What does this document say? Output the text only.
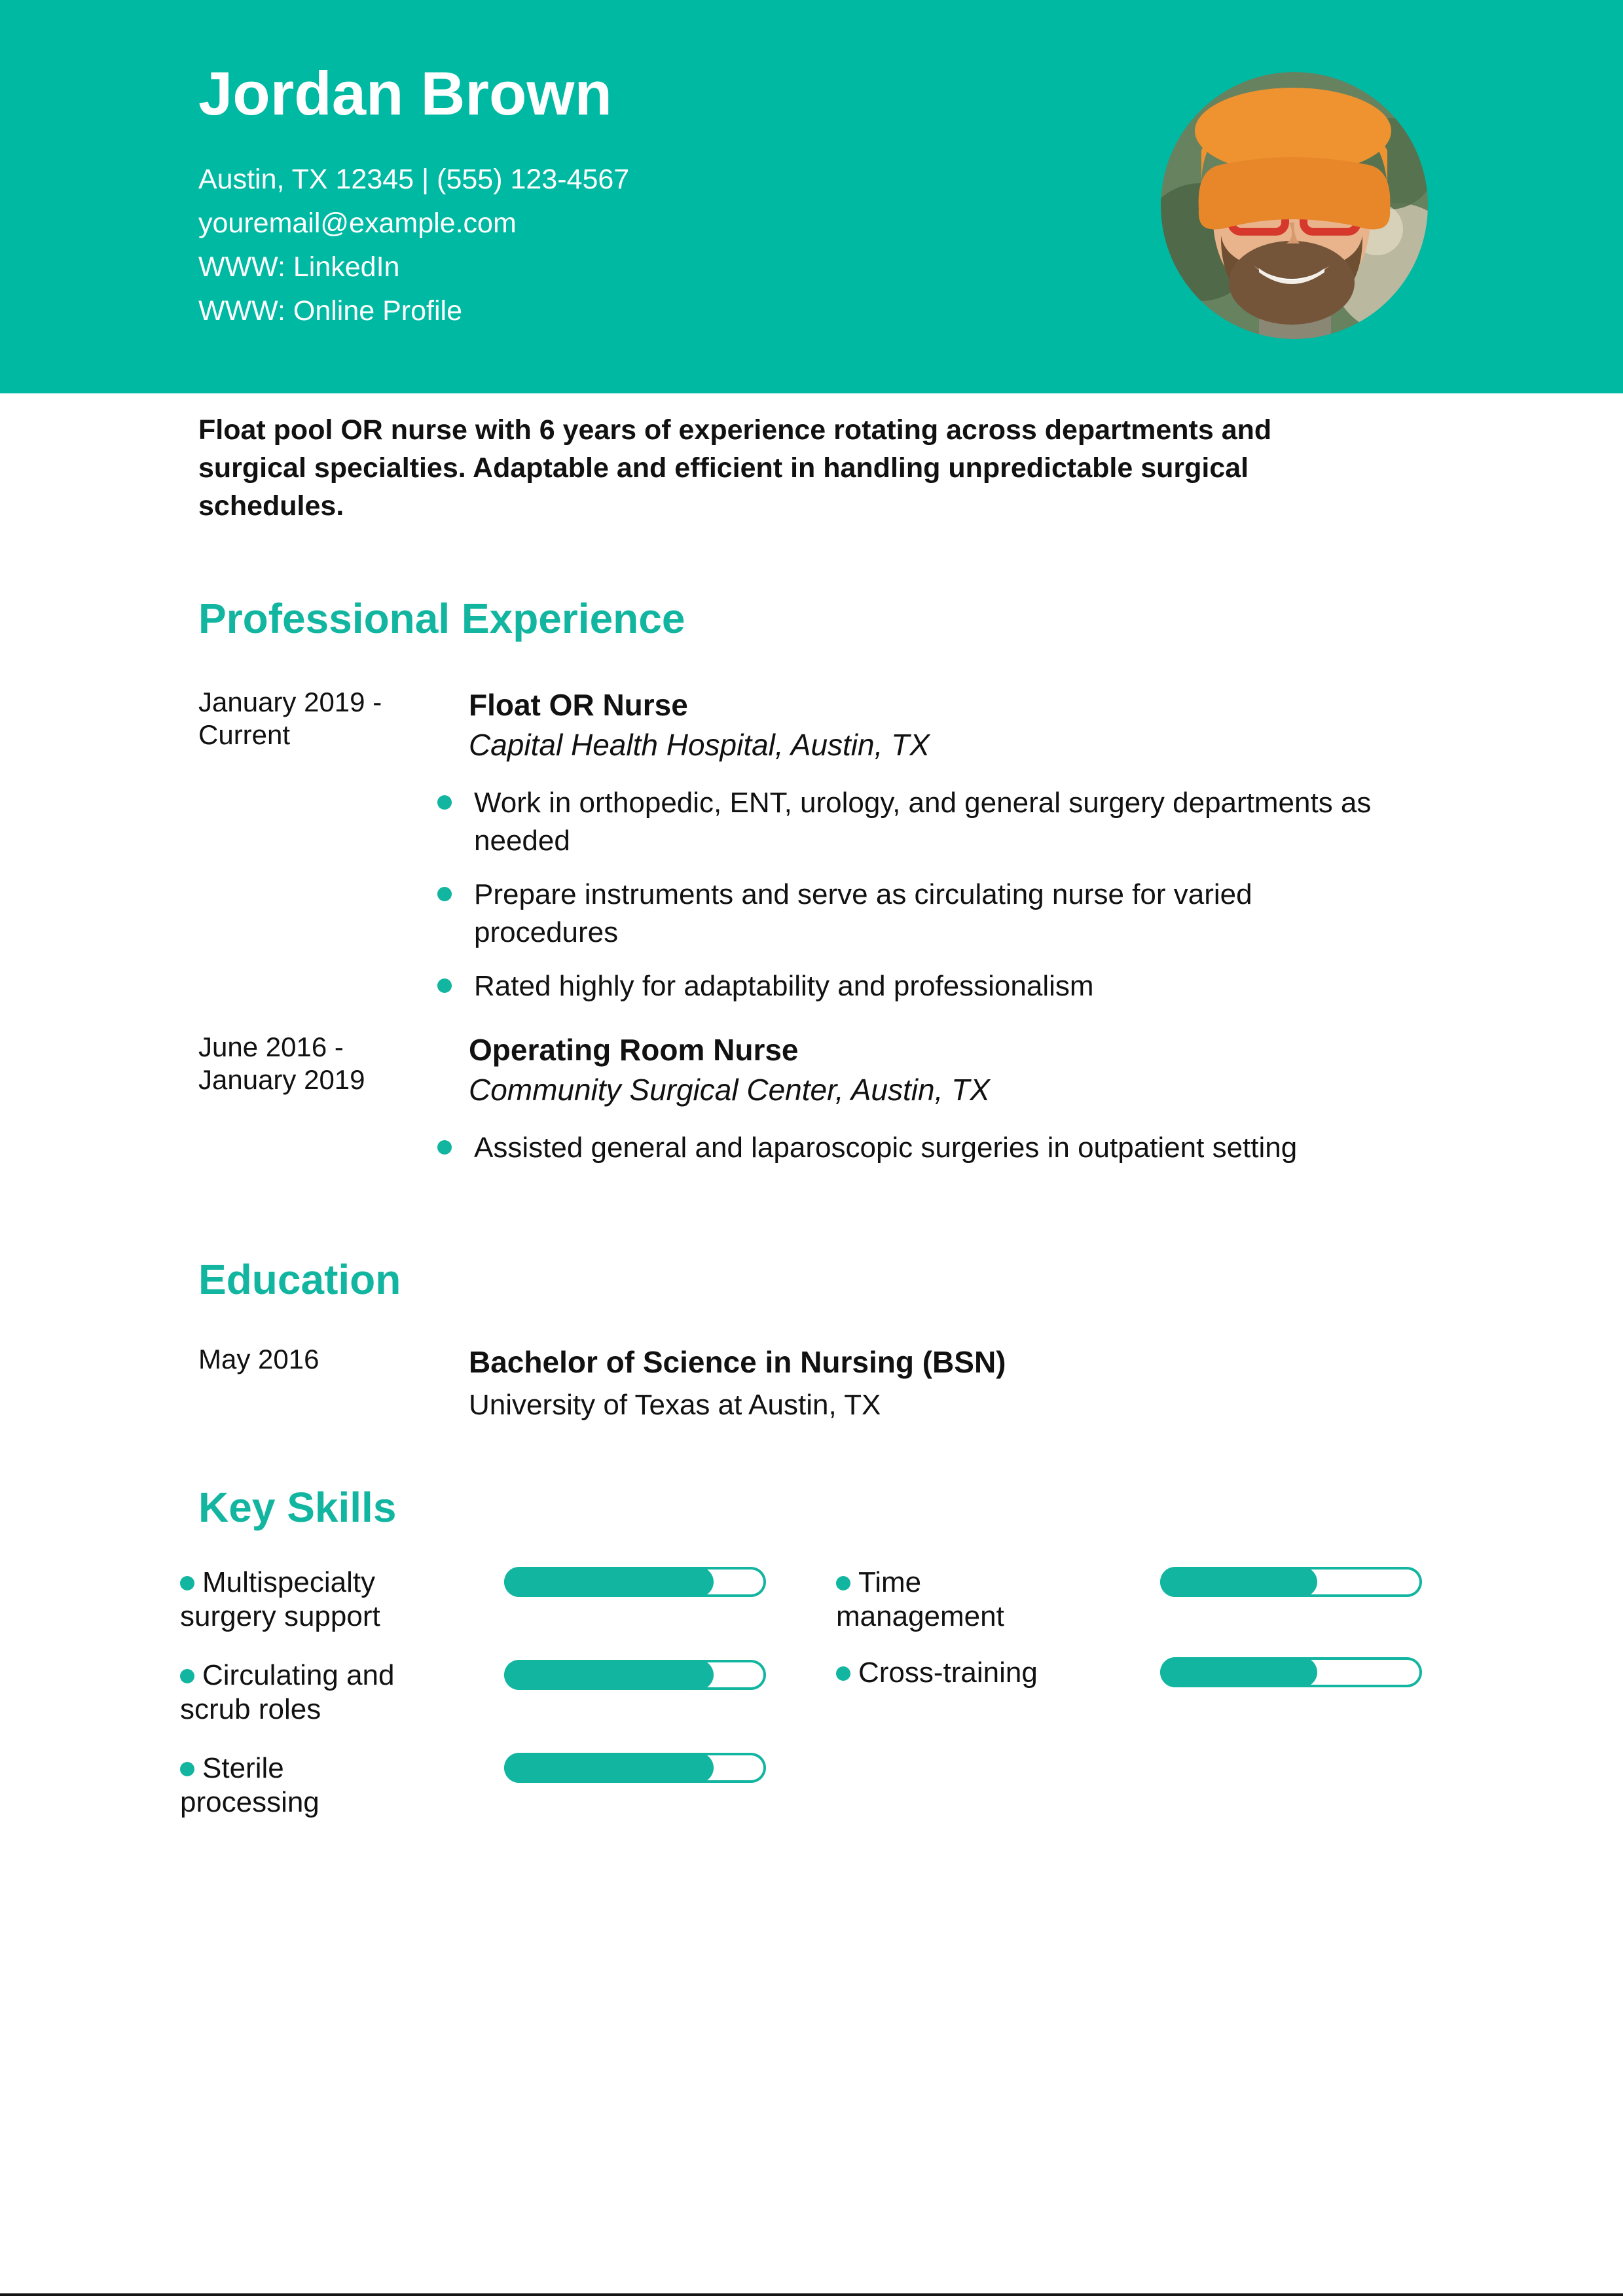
Jordan Brown
Austin, TX 12345 | (555) 123-4567
youremail@example.com
WWW: LinkedIn
WWW: Online Profile
Float pool OR nurse with 6 years of experience rotating across departments and surgical specialties. Adaptable and efficient in handling unpredictable surgical schedules.
Professional Experience
January 2019 - Current
Float OR Nurse
Capital Health Hospital, Austin, TX
Work in orthopedic, ENT, urology, and general surgery departments as needed
Prepare instruments and serve as circulating nurse for varied procedures
Rated highly for adaptability and professionalism
June 2016 - January 2019
Operating Room Nurse
Community Surgical Center, Austin, TX
Assisted general and laparoscopic surgeries in outpatient setting
Education
May 2016	Bachelor of Science in Nursing (BSN)
University of Texas at Austin, TX
Key Skills
Multispecialty surgery support
Circulating and scrub roles
Sterile processing
Time management
Cross-training
